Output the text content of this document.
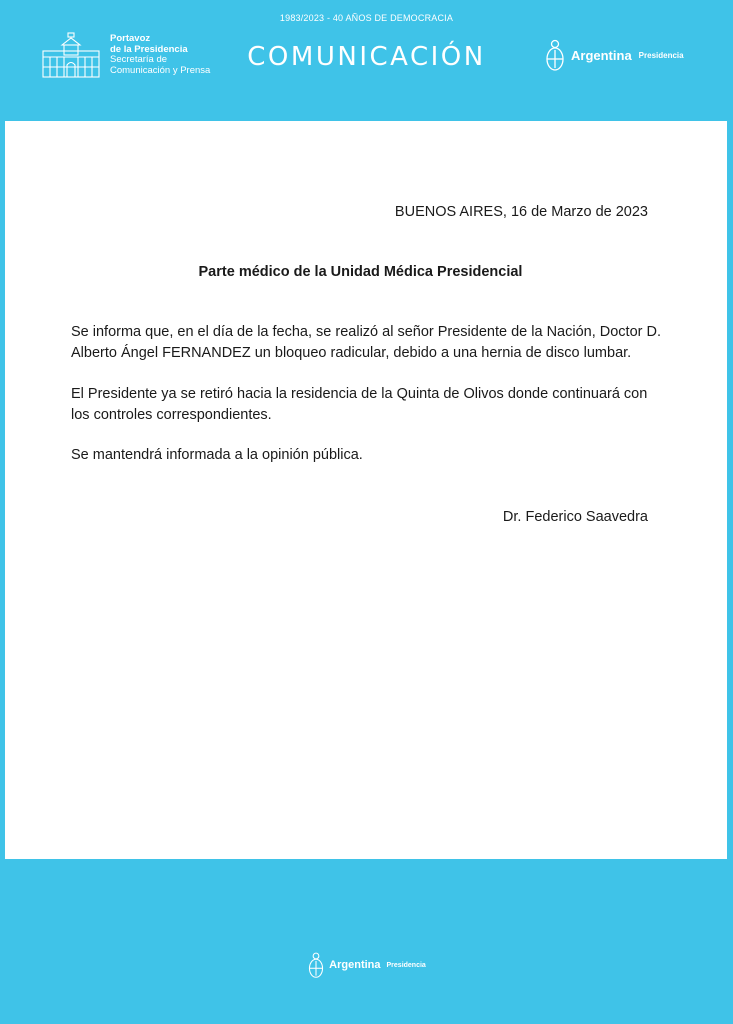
1983/2023 - 40 AÑOS DE DEMOCRACIA
Portavoz
de la Presidencia
Secretaría de
Comunicación y Prensa	COMUNICACIÓN	Argentina Presidencia
BUENOS AIRES, 16 de Marzo de 2023
Parte médico de la Unidad Médica Presidencial
Se informa que, en el día de la fecha, se realizó al señor Presidente de la Nación, Doctor D. Alberto Ángel FERNANDEZ un bloqueo radicular, debido a una hernia de disco lumbar.
El Presidente ya se retiró hacia la residencia de la Quinta de Olivos donde continuará con los controles correspondientes.
Se mantendrá informada a la opinión pública.
Dr. Federico Saavedra
Argentina Presidencia
